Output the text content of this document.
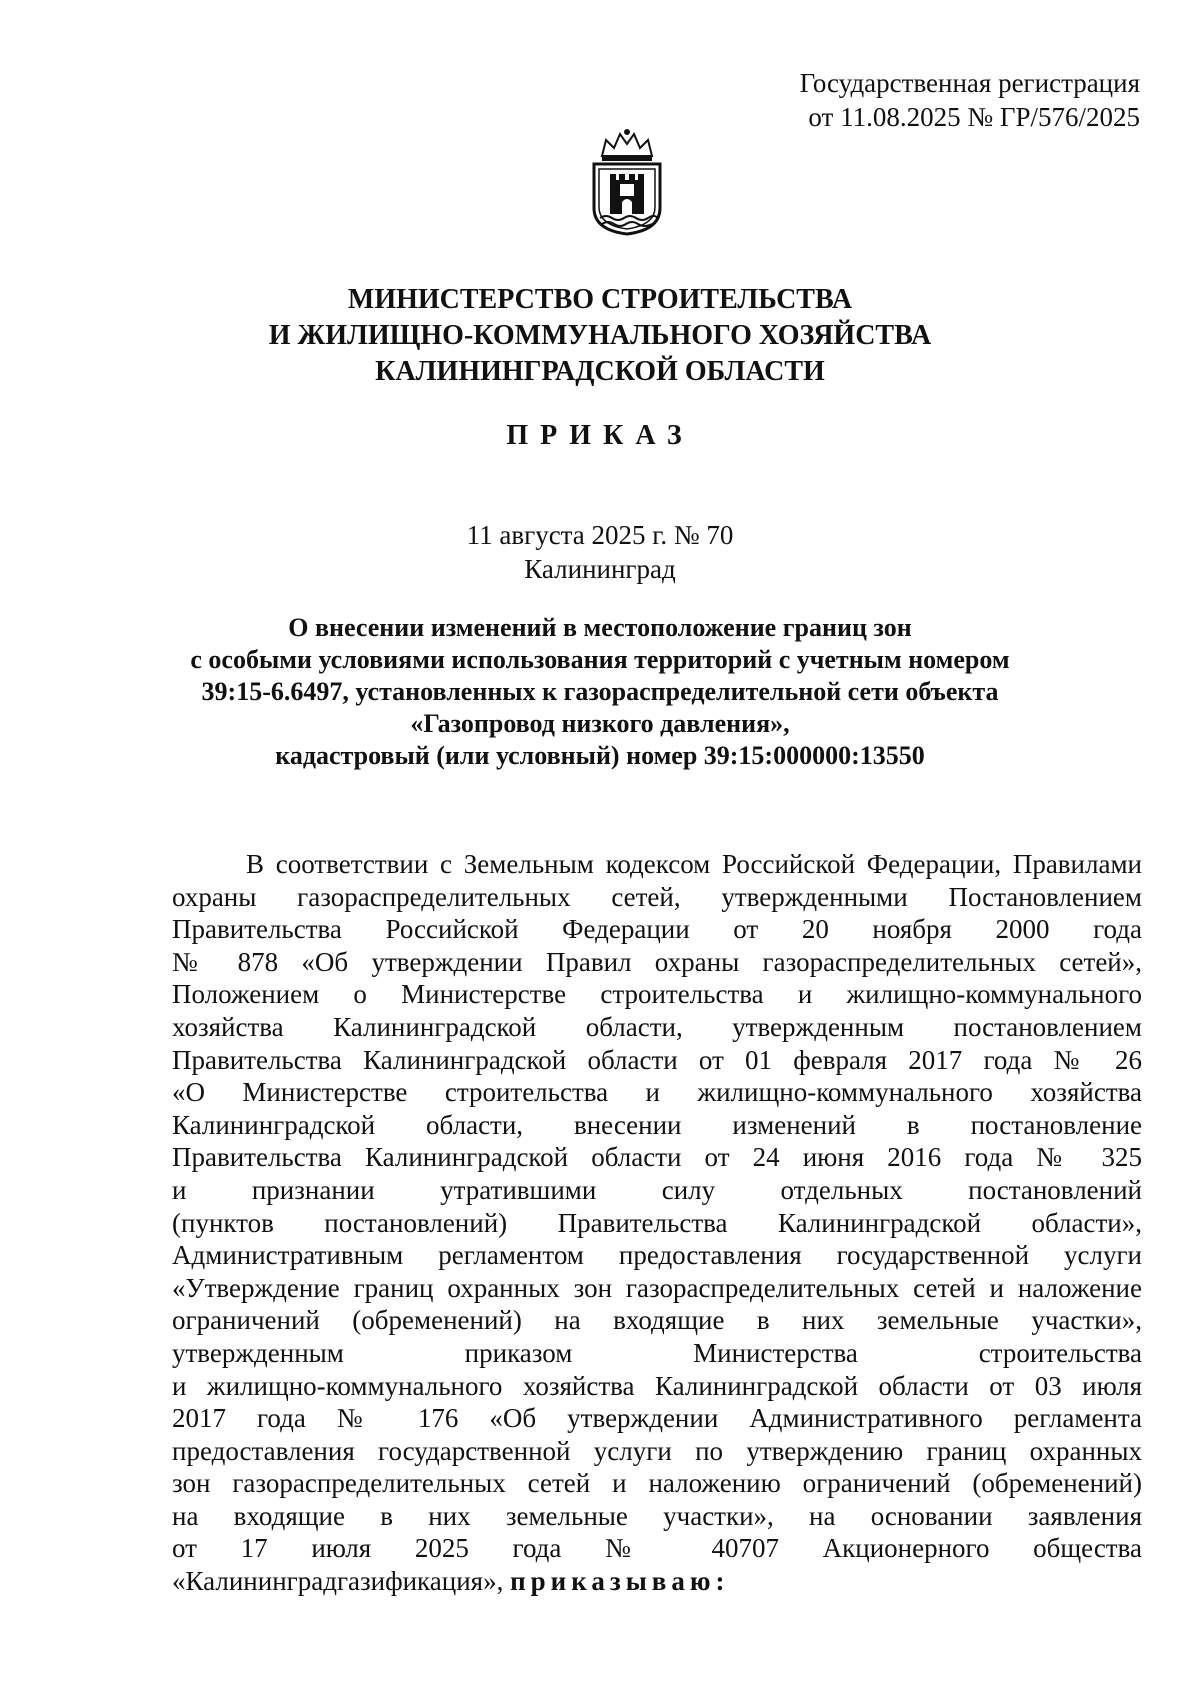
Государственная регистрация
от 11.08.2025 № ГР/576/2025
МИНИСТЕРСТВО СТРОИТЕЛЬСТВА
И ЖИЛИЩНО-КОММУНАЛЬНОГО ХОЗЯЙСТВА
КАЛИНИНГРАДСКОЙ ОБЛАСТИ
ПРИКАЗ
11 августа 2025 г. № 70
Калининград
О внесении изменений в местоположение границ зон
с особыми условиями использования территорий с учетным номером
39:15-6.6497, установленных к газораспределительной сети объекта
«Газопровод низкого давления»,
кадастровый (или условный) номер 39:15:000000:13550
В соответствии с Земельным кодексом Российской Федерации, Правилами
охраны газораспределительных сетей, утвержденными Постановлением
Правительства Российской Федерации от 20 ноября 2000 года
№ 878 «Об утверждении Правил охраны газораспределительных сетей»,
Положением о Министерстве строительства и жилищно-коммунального
хозяйства Калининградской области, утвержденным постановлением
Правительства Калининградской области от 01 февраля 2017 года № 26
«О Министерстве строительства и жилищно-коммунального хозяйства
Калининградской области, внесении изменений в постановление
Правительства Калининградской области от 24 июня 2016 года № 325
и признании утратившими силу отдельных постановлений
(пунктов постановлений) Правительства Калининградской области»,
Административным регламентом предоставления государственной услуги
«Утверждение границ охранных зон газораспределительных сетей и наложение
ограничений (обременений) на входящие в них земельные участки»,
утвержденным приказом Министерства строительства
и жилищно-коммунального хозяйства Калининградской области от 03 июля
2017 года № 176 «Об утверждении Административного регламента
предоставления государственной услуги по утверждению границ охранных
зон газораспределительных сетей и наложению ограничений (обременений)
на входящие в них земельные участки», на основании заявления
от 17 июля 2025 года № 40707 Акционерного общества
«Калининградгазификация», приказываю:
